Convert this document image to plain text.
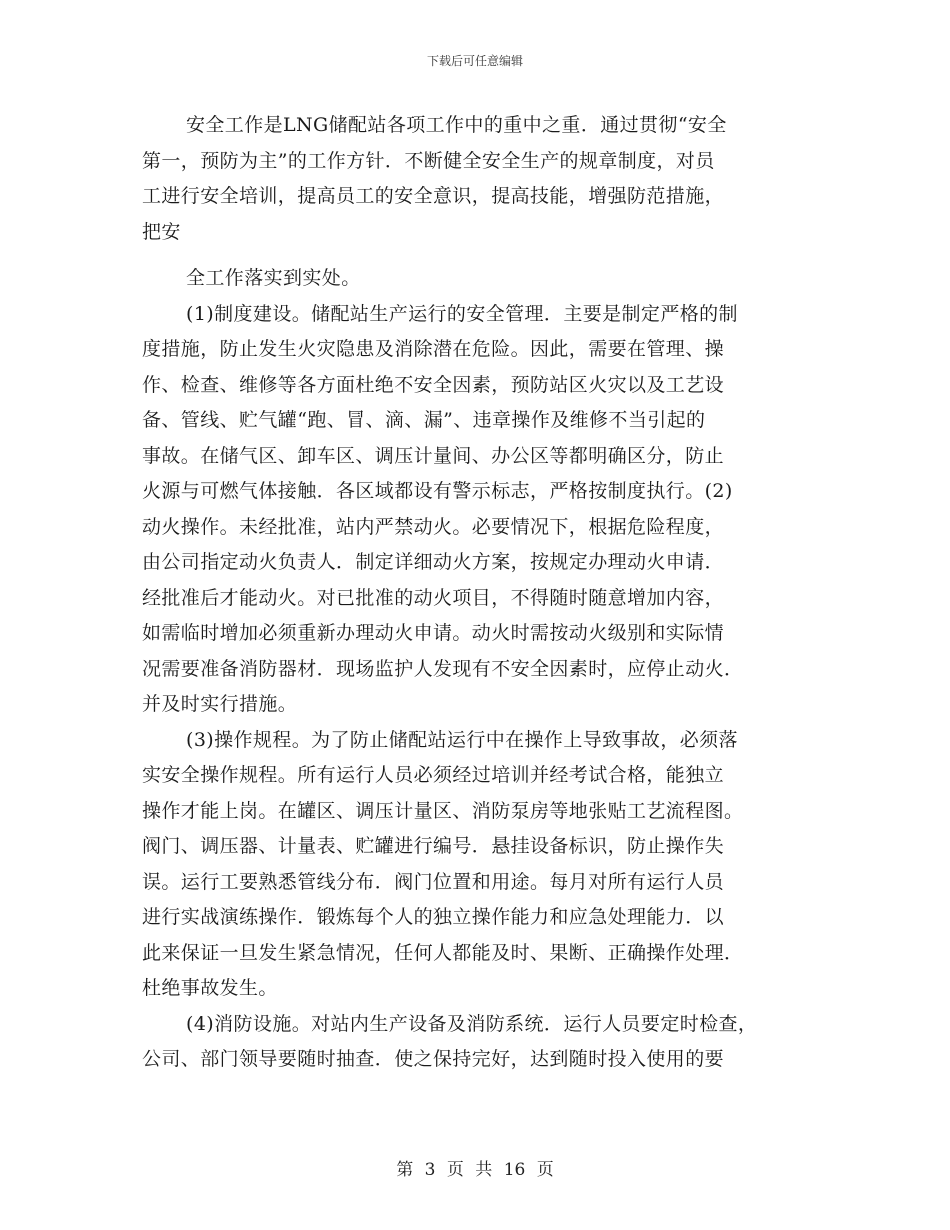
下载后可任意编辑
安全工作是LNG储配站各项工作中的重中之重．通过贯彻“安全
第一，预防为主”的工作方针．不断健全安全生产的规章制度，对员
工进行安全培训，提高员工的安全意识，提高技能，增强防范措施，
把安
全工作落实到实处。
(1)制度建设。储配站生产运行的安全管理．主要是制定严格的制
度措施，防止发生火灾隐患及消除潜在危险。因此，需要在管理、操
作、检查、维修等各方面杜绝不安全因素，预防站区火灾以及工艺设
备、管线、贮气罐“跑、冒、滴、漏”、违章操作及维修不当引起的
事故。在储气区、卸车区、调压计量间、办公区等都明确区分，防止
火源与可燃气体接触．各区域都设有警示标志，严格按制度执行。(2)
动火操作。未经批准，站内严禁动火。必要情况下，根据危险程度，
由公司指定动火负责人．制定详细动火方案，按规定办理动火申请．
经批准后才能动火。对已批准的动火项目，不得随时随意增加内容，
如需临时增加必须重新办理动火申请。动火时需按动火级别和实际情
况需要准备消防器材．现场监护人发现有不安全因素时，应停止动火．
并及时实行措施。
(3)操作规程。为了防止储配站运行中在操作上导致事故，必须落
实安全操作规程。所有运行人员必须经过培训并经考试合格，能独立
操作才能上岗。在罐区、调压计量区、消防泵房等地张贴工艺流程图。
阀门、调压器、计量表、贮罐进行编号．悬挂设备标识，防止操作失
误。运行工要熟悉管线分布．阀门位置和用途。每月对所有运行人员
进行实战演练操作．锻炼每个人的独立操作能力和应急处理能力．以
此来保证一旦发生紧急情况，任何人都能及时、果断、正确操作处理．
杜绝事故发生。
(4)消防设施。对站内生产设备及消防系统．运行人员要定时检查，
公司、部门领导要随时抽查．使之保持完好，达到随时投入使用的要
第 3 页 共 16 页
